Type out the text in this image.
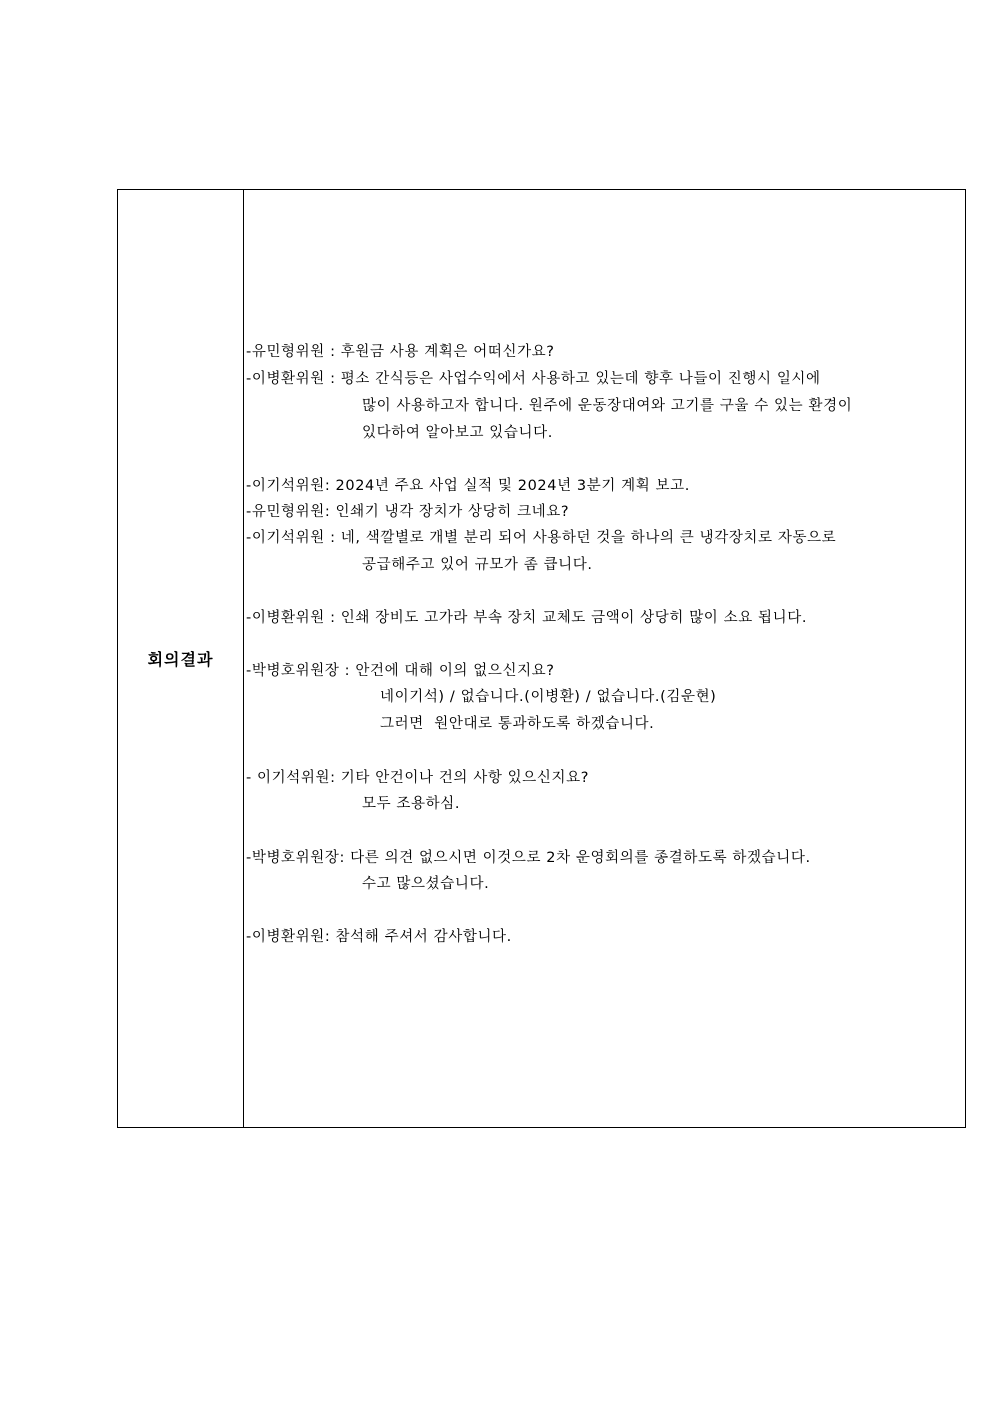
회의결과
-유민형위원 : 후원금 사용 계획은 어떠신가요?
-이병환위원 : 평소 간식등은 사업수익에서 사용하고 있는데 향후 나들이 진행시 일시에
많이 사용하고자 합니다. 원주에 운동장대여와 고기를 구울 수 있는 환경이
있다하여 알아보고 있습니다.
-이기석위원: 2024년 주요 사업 실적 및 2024년 3분기 계획 보고.
-유민형위원: 인쇄기 냉각 장치가 상당히 크네요?
-이기석위원 : 네, 색깔별로 개별 분리 되어 사용하던 것을 하나의 큰 냉각장치로 자동으로
공급해주고 있어 규모가 좀 큽니다.
-이병환위원 : 인쇄 장비도 고가라 부속 장치 교체도 금액이 상당히 많이 소요 됩니다.
-박병호위원장 : 안건에 대해 이의 없으신지요?
네이기석) / 없습니다.(이병환) / 없습니다.(김운현)
그러면  원안대로 통과하도록 하겠습니다.
- 이기석위원: 기타 안건이나 건의 사항 있으신지요?
모두 조용하심.
-박병호위원장: 다른 의견 없으시면 이것으로 2차 운영회의를 종결하도록 하겠습니다.
수고 많으셨습니다.
-이병환위원: 참석해 주셔서 감사합니다.
